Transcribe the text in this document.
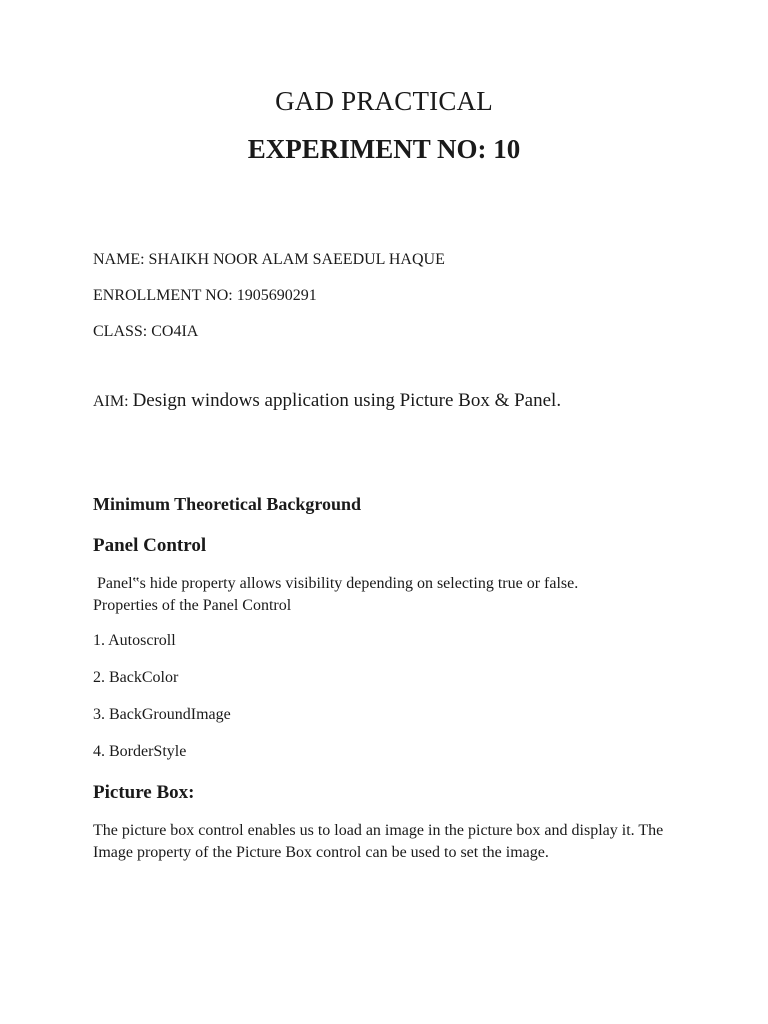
GAD PRACTICAL
EXPERIMENT NO: 10
NAME: SHAIKH NOOR ALAM SAEEDUL HAQUE
ENROLLMENT NO: 1905690291
CLASS: CO4IA
AIM: Design windows application using Picture Box & Panel.
Minimum Theoretical Background
Panel Control
Panel‟s hide property allows visibility depending on selecting true or false.
Properties of the Panel Control
1. Autoscroll
2. BackColor
3. BackGroundImage
4. BorderStyle
Picture Box:
The picture box control enables us to load an image in the picture box and display it. The Image property of the Picture Box control can be used to set the image.
